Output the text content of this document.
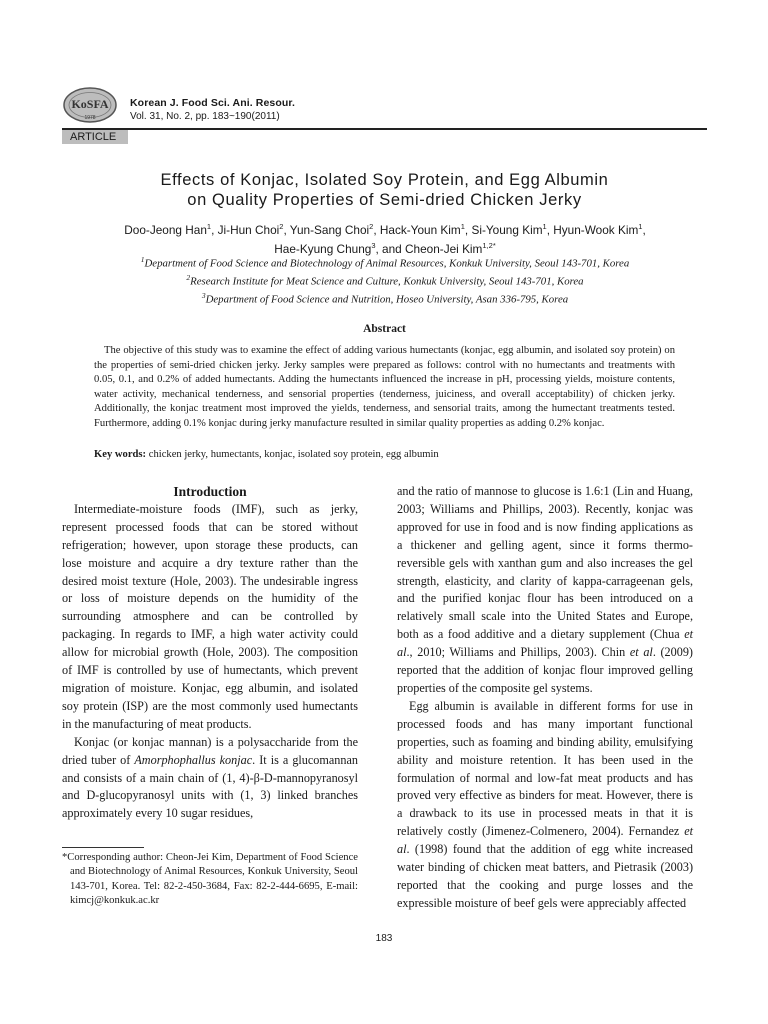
KoSFA
1978
Korean J. Food Sci. Ani. Resour.
Vol. 31, No. 2, pp. 183~190(2011)
ARTICLE
Effects of Konjac, Isolated Soy Protein, and Egg Albumin
on Quality Properties of Semi-dried Chicken Jerky
Doo-Jeong Han$^1$, Ji-Hun Choi$^2$, Yun-Sang Choi$^2$, Hack-Youn Kim$^1$, Si-Young Kim$^1$, Hyun-Wook Kim$^1$,
Hae-Kyung Chung$^3$, and Cheon-Jei Kim$^{1,2*}$
$^1$Department of Food Science and Biotechnology of Animal Resources, Konkuk University, Seoul 143-701, Korea
$^2$Research Institute for Meat Science and Culture, Konkuk University, Seoul 143-701, Korea
$^3$Department of Food Science and Nutrition, Hoseo University, Asan 336-795, Korea
Abstract

The objective of this study was to examine the effect of adding various humectants (konjac, egg albumin, and isolated soy protein) on the properties of semi-dried chicken jerky. Jerky samples were prepared as follows: control with no humectants and treatments with 0.05, 0.1, and 0.2% of added humectants. Adding the humectants influenced the increase in pH, processing yields, moisture contents, water activity, mechanical tenderness, and sensorial properties (tenderness, juiciness, and overall acceptability) of chicken jerky. Additionally, the konjac treatment most improved the yields, tenderness, and sensorial traits, among the humectant treatments tested. Furthermore, adding 0.1% konjac during jerky manufacture resulted in similar quality properties as adding 0.2% konjac.

Key words: chicken jerky, humectants, konjac, isolated soy protein, egg albumin

Introduction

Intermediate-moisture foods (IMF), such as jerky, represent processed foods that can be stored without refrigeration; however, upon storage these products, can lose moisture and acquire a dry texture rather than the desired moist texture (Hole, 2003). The undesirable ingress or loss of moisture depends on the humidity of the surrounding atmosphere and can be controlled by packaging. In regards to IMF, a high water activity could allow for microbial growth (Hole, 2003). The composition of IMF is controlled by use of humectants, which prevent migration of moisture. Konjac, egg albumin, and isolated soy protein (ISP) are the most commonly used humectants in the manufacturing of meat products.

Konjac (or konjac mannan) is a polysaccharide from the dried tuber of Amorphophallus konjac. It is a glucomannan and consists of a main chain of (1, 4)-β-D-mannopyranosyl and D-glucopyranosyl units with (1, 3) linked branches approximately every 10 sugar residues,

*Corresponding author: Cheon-Jei Kim, Department of Food Science and Biotechnology of Animal Resources, Konkuk University, Seoul 143-701, Korea. Tel: 82-2-450-3684, Fax: 82-2-444-6695, E-mail: kimcj@konkuk.ac.kr

and the ratio of mannose to glucose is 1.6:1 (Lin and Huang, 2003; Williams and Phillips, 2003). Recently, konjac was approved for use in food and is now finding applications as a thickener and gelling agent, since it forms thermo-reversible gels with xanthan gum and also increases the gel strength, elasticity, and clarity of kappa-carrageenan gels, and the purified konjac flour has been introduced on a relatively small scale into the United States and Europe, both as a food additive and a dietary supplement (Chua et al., 2010; Williams and Phillips, 2003). Chin et al. (2009) reported that the addition of konjac flour improved gelling properties of the composite gel systems.

Egg albumin is available in different forms for use in processed foods and has many important functional properties, such as foaming and binding ability, emulsifying ability and moisture retention. It has been used in the formulation of normal and low-fat meat products and has proved very effective as binders for meat. However, there is a drawback to its use in processed meats in that it is relatively costly (Jimenez-Colmenero, 2004). Fernandez et al. (1998) found that the addition of egg white increased water binding of chicken meat batters, and Pietrasik (2003) reported that the cooking and purge losses and the expressible moisture of beef gels were appreciably affected

183
